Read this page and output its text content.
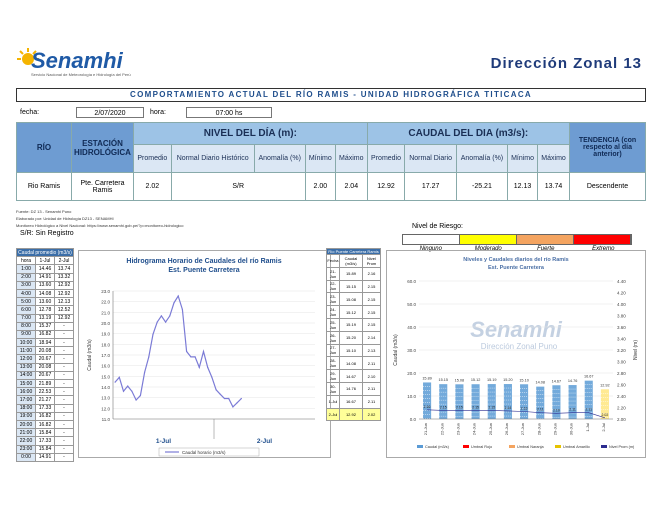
Senamhi
Servicio Nacional de Meteorología e Hidrología del Perú
Dirección Zonal 13
COMPORTAMIENTO ACTUAL DEL RÍO RAMIS - UNIDAD HIDROGRÁFICA TITICACA
fecha:	2/07/2020	hora:	07:00 hs
RÍO	ESTACIÓN HIDROLÓGICA	NIVEL DEL DÍA (m):					CAUDAL DEL DIA (m3/s):					TENDENCIA (con respecto al día anterior)
		Promedio	Normal Diario Histórico	Anomalía (%)	Mínimo	Máximo	Promedio	Normal Diario	Anomalía (%)	Mínimo	Máximo	
Rio Ramis	Pte. Carretera Ramis	2.02	S/R		2.00	2.04	12.92	17.27	-25.21	12.13	13.74	Descendente
Fuente: DZ 13 - Senamhi Puno
Elaborado por: Unidad de Hidrología DZ13 - SENAMHI
Monitoreo Hidrológico a Nivel Nacional: https://www.senamhi.gob.pe/?p=monitoreo-hidrologico
S/R: Sin Registro
Nivel de Riesgo:
Ninguno	Moderado	Fuerte	Extremo
Caudal promedio (m3/s)		
hora	1-Jul	2-Jul
1:00	14.46	13.74
2:00	14.91	13.32
3:00	13.60	12.92
4:00	14.08	12.92
5:00	13.60	12.13
6:00	12.78	12.52
7:00	13.19	12.92
8:00	15.37	-
9:00	16.82	-
10:00	18.94	-
11:00	20.08	-
12:00	20.67	-
13:00	20.08	-
14:00	20.67	-
15:00	21.89	-
16:00	22.53	-
17:00	21.27	-
18:00	17.33	-
19:00	16.82	-
20:00	16.82	-
21:00	15.84	-
22:00	17.33	-
23:00	15.84	-
0:00	14.91	-
Hidrograma Horario de Caudales del río Ramis
Est. Puente Carretera
11.0
12.0
13.0
14.0
15.0
16.0
17.0
18.0
19.0
20.0
21.0
22.0
23.0
Caudal (m3/s)
1-Jul	2-Jul
Caudal horario (m3/s)
Río Puente Carretera Ramis		
Fecha	Caudal (m3/s)	Nivel Prom
21-Jun	15.89	2.16
22-Jun	15.15	2.15
23-Jun	15.08	2.15
24-Jun	15.12	2.15
25-Jun	15.19	2.15
26-Jun	15.20	2.14
27-Jun	15.10	2.13
28-Jun	14.08	2.11
29-Jun	14.67	2.10
30-Jun	14.76	2.11
1-Jul	16.67	2.11
2-Jul	12.92	2.02
Niveles y Caudales diarios del río Ramis
Est. Puente Carretera
Senamhi
Dirección Zonal Puno
0.0
10.0
20.0
30.0
40.0
50.0
60.0
2.00
2.20
2.40
2.60
2.80
3.00
3.20
3.40
3.60
3.80
4.00
4.20
4.40
Caudal (m3/s)	Nivel (m)
15.89
21-Jun
15.15
22-Jun
15.08
23-Jun
15.12
24-Jun
15.19
25-Jun
15.20
26-Jun
15.10
27-Jun
14.08
28-Jun
14.67
29-Jun
14.76
30-Jun
16.67
1-Jul
12.92
2-Jul
2.16	2.15	2.15	2.15	2.15	2.14	2.13	2.11	2.10	2.11	2.11
2.02
Caudal (m3/s)	Umbral Rojo	Umbral Naranja	Umbral Amarillo	Nivel Prom (m)
